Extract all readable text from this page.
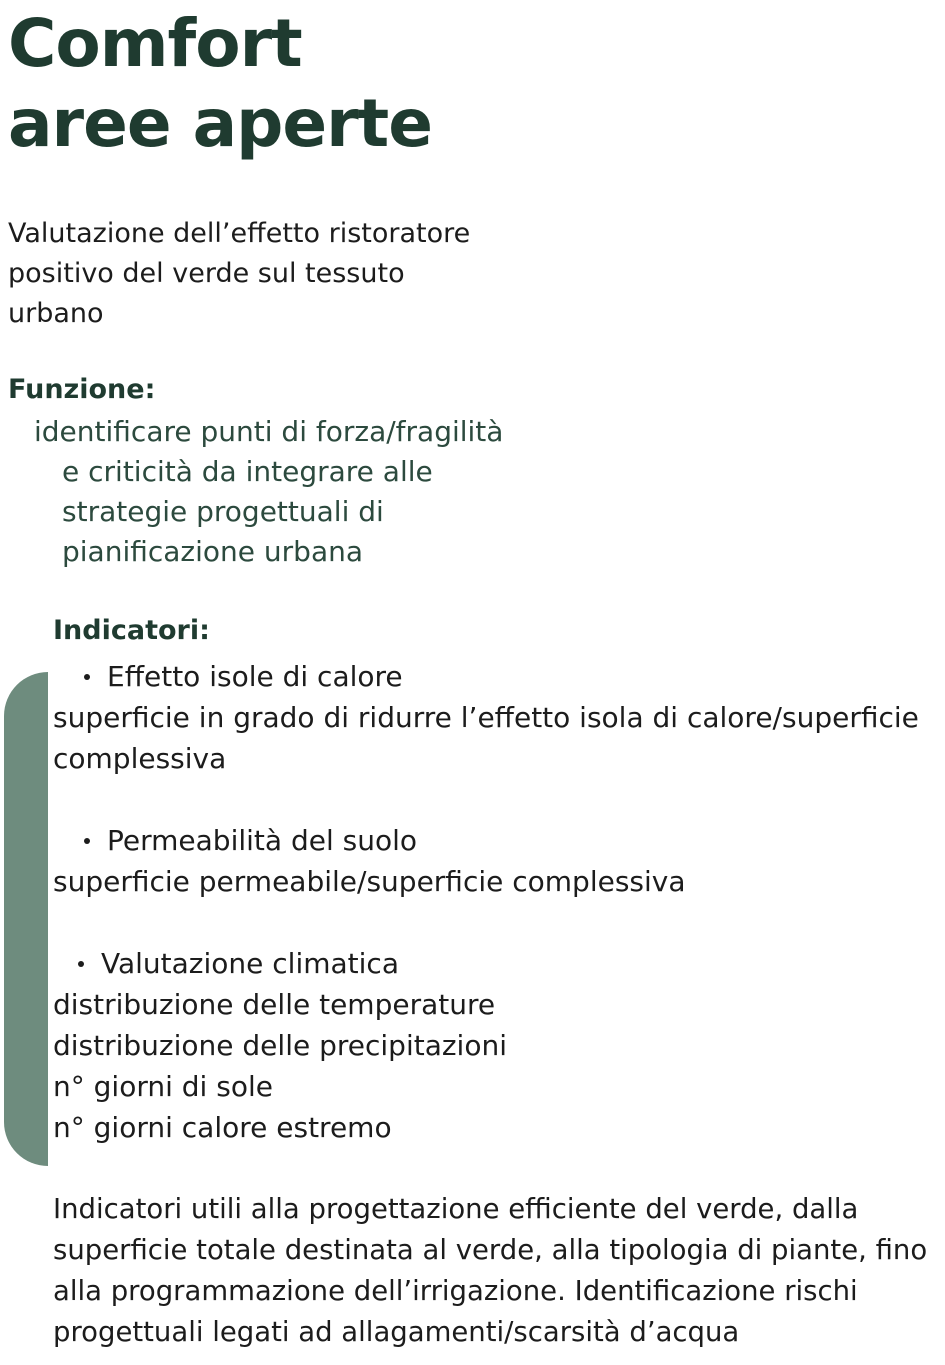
Comfort
aree aperte
Valutazione dell’effetto ristoratore
positivo del verde sul tessuto
urbano
Funzione:
identificare punti di forza/fragilità
e criticità da integrare alle
strategie progettuali di
pianificazione urbana
Indicatori:
Effetto isole di calore
superficie in grado di ridurre l’effetto isola di calore/superficie
complessiva
Permeabilità del suolo
superficie permeabile/superficie complessiva
Valutazione climatica
distribuzione delle temperature
distribuzione delle precipitazioni
n° giorni di sole
n° giorni calore estremo
Indicatori utili alla progettazione efficiente del verde, dalla
superficie totale destinata al verde, alla tipologia di piante, fino
alla programmazione dell’irrigazione. Identificazione rischi
progettuali legati ad allagamenti/scarsità d’acqua
